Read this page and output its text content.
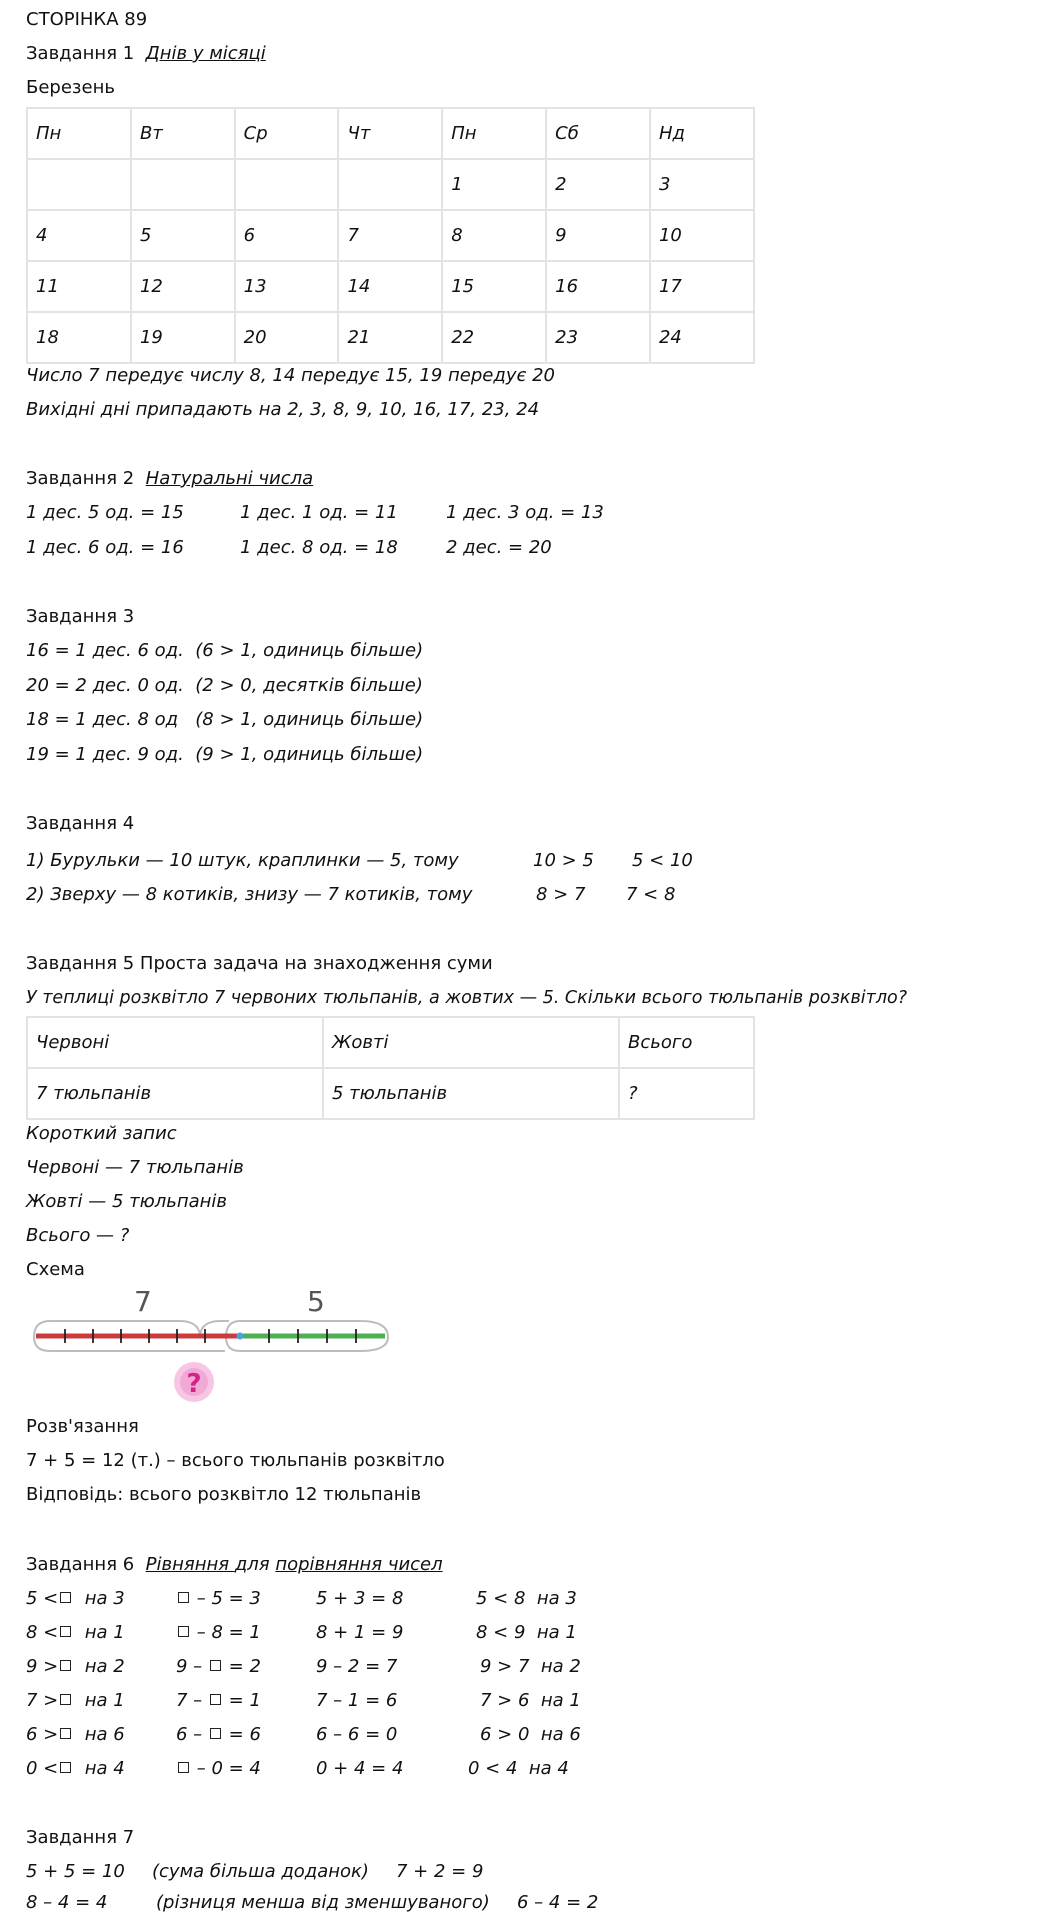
СТОРІНКА 89
Завдання 1 Днів у місяці
Березень
Пн	Вт	Ср	Чт	Пн	Сб	Нд
				1	2	3
4	5	6	7	8	9	10
11	12	13	14	15	16	17
18	19	20	21	22	23	24
Число 7 передує числу 8, 14 передує 15, 19 передує 20
Вихідні дні припадають на 2, 3, 8, 9, 10, 16, 17, 23, 24
Завдання 2 Натуральні числа
1 дес. 5 од. = 15	1 дес. 1 од. = 11	1 дес. 3 од. = 13
1 дес. 6 од. = 16	1 дес. 8 од. = 18	2 дес. = 20
Завдання 3
16 = 1 дес. 6 од.  (6 > 1, одиниць більше)
20 = 2 дес. 0 од.  (2 > 0, десятків більше)
18 = 1 дес. 8 од   (8 > 1, одиниць більше)
19 = 1 дес. 9 од.  (9 > 1, одиниць більше)
Завдання 4
1) Бурульки — 10 штук, краплинки — 5, тому	10 > 5 5 < 10
2) Зверху — 8 котиків, знизу — 7 котиків, тому	8 > 7 7 < 8
Завдання 5 Проста задача на знаходження суми
У теплиці розквітло 7 червоних тюльпанів, а жовтих — 5. Скільки всього тюльпанів розквітло?
Червоні	Жовті	Всього
7 тюльпанів	5 тюльпанів	?
Короткий запис
Червоні — 7 тюльпанів
Жовті — 5 тюльпанів
Всього — ?
Схема
7	5
?
Розв'язання
7 + 5 = 12 (т.) – всього тюльпанів розквітло
Відповідь: всього розквітло 12 тюльпанів
Завдання 6 Рівняння для порівняння чисел
5 < на 3	– 5 = 3	5 + 3 = 8	5 < 8  на 3
8 < на 1	– 8 = 1	8 + 1 = 9	8 < 9  на 1
9 > на 2	9 – = 2	9 – 2 = 7	9 > 7  на 2
7 > на 1	7 – = 1	7 – 1 = 6	7 > 6  на 1
6 > на 6	6 – = 6	6 – 6 = 0	6 > 0  на 6
0 < на 4	– 0 = 4	0 + 4 = 4	0 < 4  на 4
Завдання 7
5 + 5 = 10 (сума більша доданок) 7 + 2 = 9
8 – 4 = 4	(різниця менша від зменшуваного) 6 – 4 = 2
